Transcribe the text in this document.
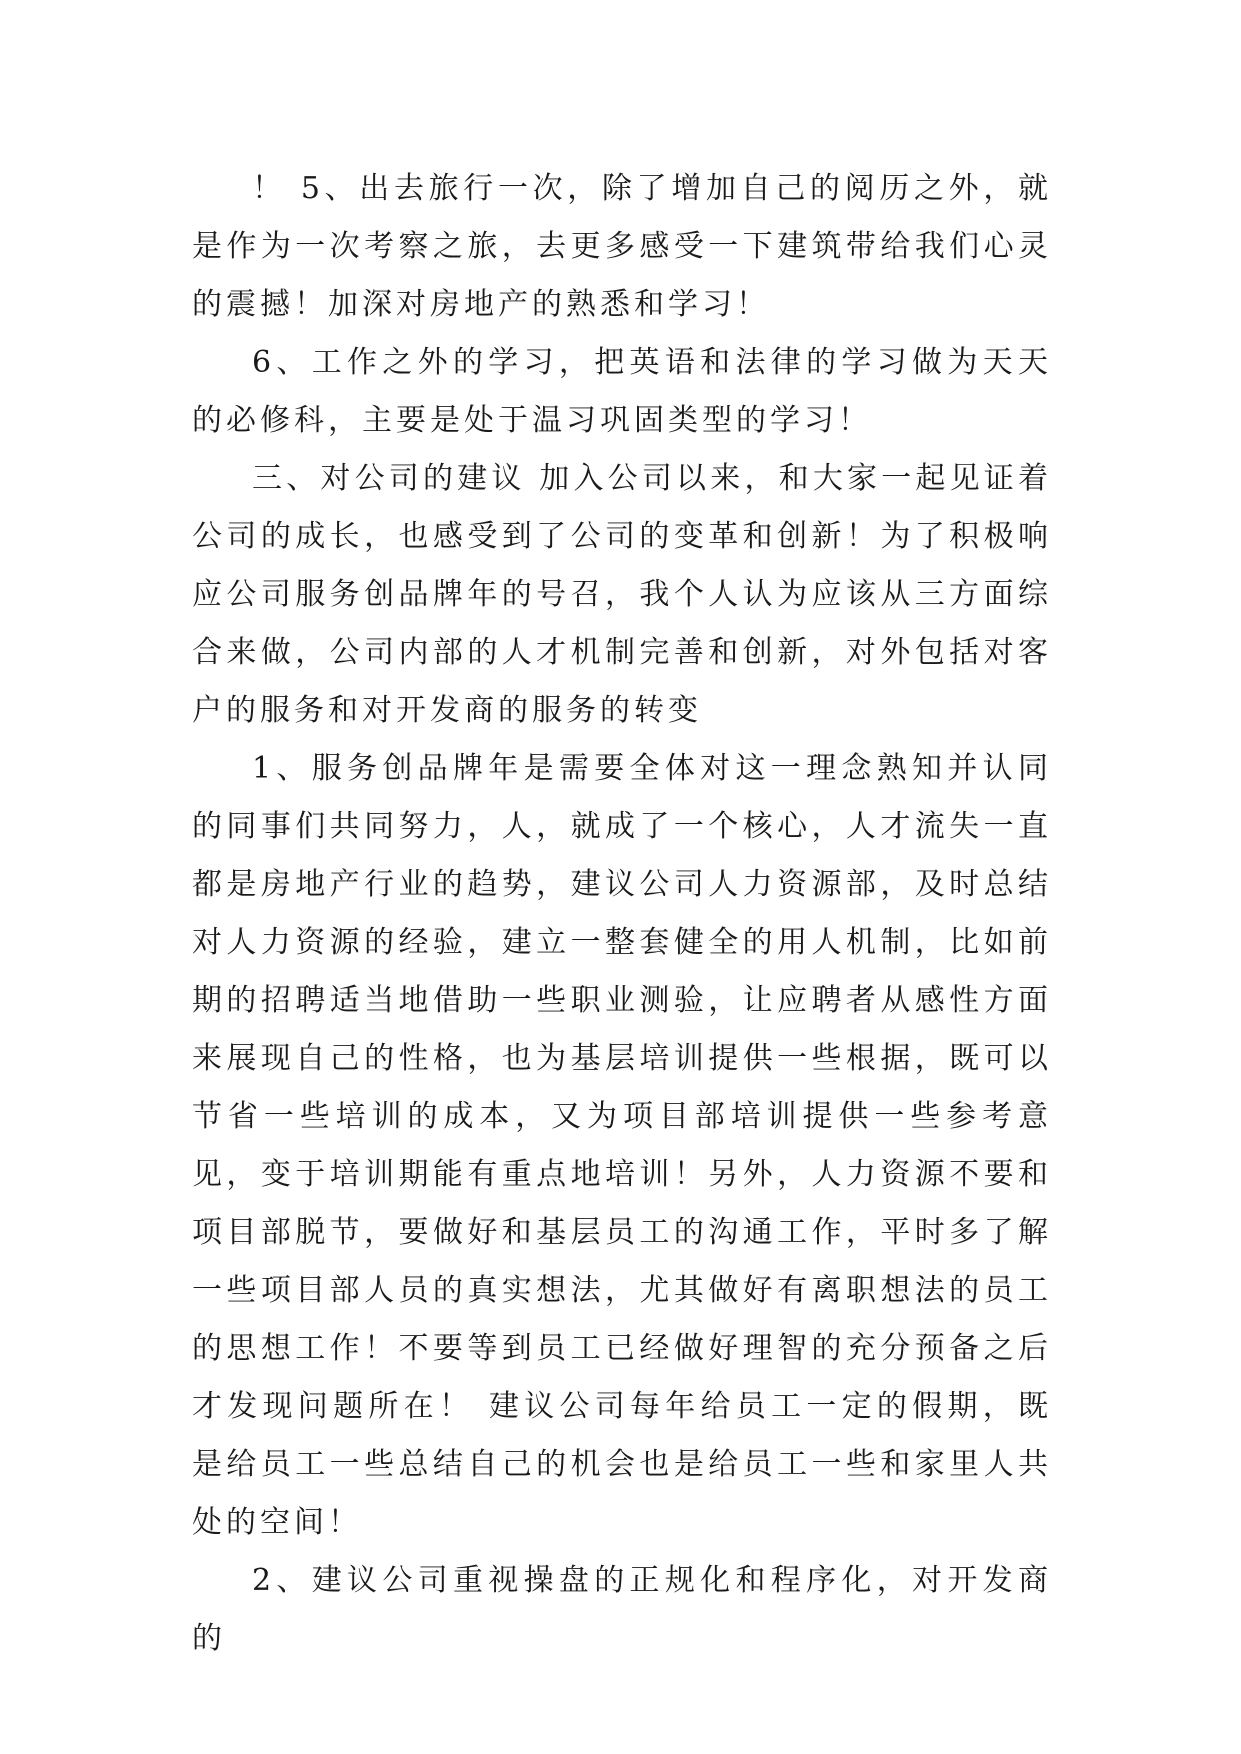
！ 5、出去旅行一次，除了增加自己的阅历之外，就是作为一次考察之旅，去更多感受一下建筑带给我们心灵的震撼！加深对房地产的熟悉和学习！

6、工作之外的学习，把英语和法律的学习做为天天的必修科，主要是处于温习巩固类型的学习！

三、对公司的建议 加入公司以来，和大家一起见证着公司的成长，也感受到了公司的变革和创新！为了积极响应公司服务创品牌年的号召，我个人认为应该从三方面综合来做，公司内部的人才机制完善和创新，对外包括对客户的服务和对开发商的服务的转变

1、服务创品牌年是需要全体对这一理念熟知并认同的同事们共同努力，人，就成了一个核心，人才流失一直都是房地产行业的趋势，建议公司人力资源部，及时总结对人力资源的经验，建立一整套健全的用人机制，比如前期的招聘适当地借助一些职业测验，让应聘者从感性方面来展现自己的性格，也为基层培训提供一些根据，既可以节省一些培训的成本，又为项目部培训提供一些参考意见，变于培训期能有重点地培训！另外，人力资源不要和项目部脱节，要做好和基层员工的沟通工作，平时多了解一些项目部人员的真实想法，尤其做好有离职想法的员工的思想工作！不要等到员工已经做好理智的充分预备之后才发现问题所在！ 建议公司每年给员工一定的假期，既是给员工一些总结自己的机会也是给员工一些和家里人共处的空间！

2、建议公司重视操盘的正规化和程序化，对开发商的
